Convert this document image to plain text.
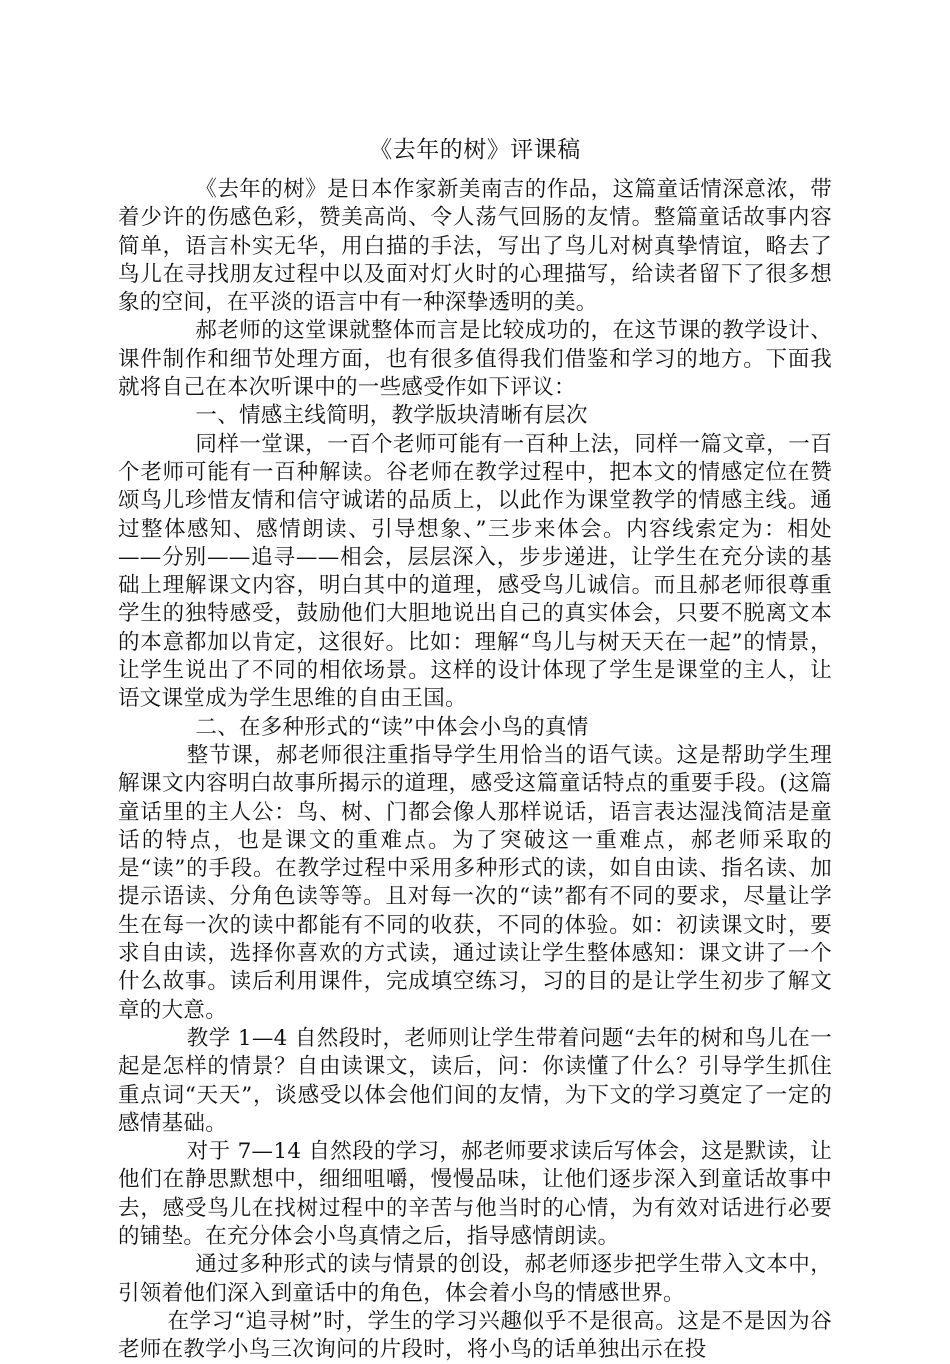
《去年的树》评课稿

《去年的树》是日本作家新美南吉的作品，这篇童话情深意浓，带着少许的伤感色彩，赞美高尚、令人荡气回肠的友情。整篇童话故事内容简单，语言朴实无华，用白描的手法，写出了鸟儿对树真挚情谊，略去了鸟儿在寻找朋友过程中以及面对灯火时的心理描写，给读者留下了很多想象的空间，在平淡的语言中有一种深挚透明的美。

郝老师的这堂课就整体而言是比较成功的，在这节课的教学设计、课件制作和细节处理方面，也有很多值得我们借鉴和学习的地方。下面我就将自己在本次听课中的一些感受作如下评议：

一、情感主线简明，教学版块清晰有层次

同样一堂课，一百个老师可能有一百种上法，同样一篇文章，一百个老师可能有一百种解读。谷老师在教学过程中，把本文的情感定位在赞颂鸟儿珍惜友情和信守诚诺的品质上，以此作为课堂教学的情感主线。通过整体感知、感情朗读、引导想象、”三步来体会。内容线索定为：相处——分别——追寻——相会，层层深入，步步递进，让学生在充分读的基础上理解课文内容，明白其中的道理，感受鸟儿诚信。而且郝老师很尊重学生的独特感受，鼓励他们大胆地说出自己的真实体会，只要不脱离文本的本意都加以肯定，这很好。比如：理解“鸟儿与树天天在一起”的情景，让学生说出了不同的相依场景。这样的设计体现了学生是课堂的主人，让语文课堂成为学生思维的自由王国。

二、在多种形式的“读”中体会小鸟的真情

整节课，郝老师很注重指导学生用恰当的语气读。这是帮助学生理解课文内容明白故事所揭示的道理，感受这篇童话特点的重要手段。(这篇童话里的主人公：鸟、树、门都会像人那样说话，语言表达湿浅简洁是童话的特点，也是课文的重难点。为了突破这一重难点，郝老师采取的是“读”的手段。在教学过程中采用多种形式的读，如自由读、指名读、加提示语读、分角色读等等。且对每一次的“读”都有不同的要求，尽量让学生在每一次的读中都能有不同的收获，不同的体验。如：初读课文时，要求自由读，选择你喜欢的方式读，通过读让学生整体感知：课文讲了一个什么故事。读后利用课件，完成填空练习，习的目的是让学生初步了解文章的大意。

教学 1—4 自然段时，老师则让学生带着问题“去年的树和鸟儿在一起是怎样的情景？自由读课文，读后，问：你读懂了什么？引导学生抓住重点词“天天”，谈感受以体会他们间的友情，为下文的学习奠定了一定的感情基础。

对于 7—14 自然段的学习，郝老师要求读后写体会，这是默读，让他们在静思默想中，细细咀嚼，慢慢品味，让他们逐步深入到童话故事中去，感受鸟儿在找树过程中的辛苦与他当时的心情，为有效对话进行必要的铺垫。在充分体会小鸟真情之后，指导感情朗读。

通过多种形式的读与情景的创设，郝老师逐步把学生带入文本中，引领着他们深入到童话中的角色，体会着小鸟的情感世界。

在学习“追寻树”时，学生的学习兴趣似乎不是很高。这是不是因为谷老师在教学小鸟三次询问的片段时，将小鸟的话单独出示在投
